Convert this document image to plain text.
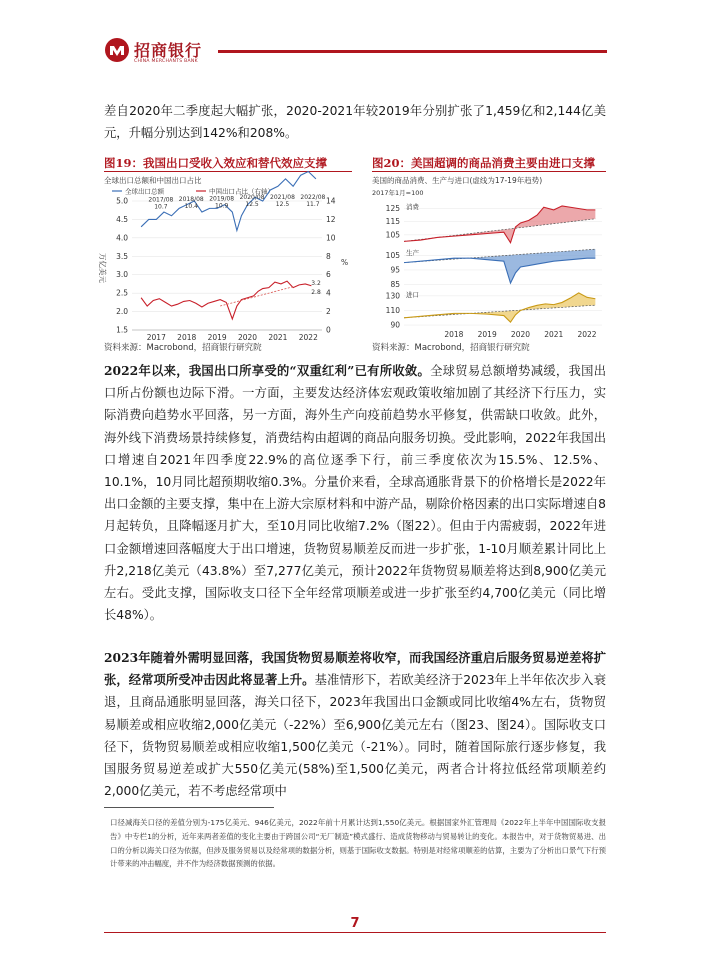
招商银行
CHINA MERCHANTS BANK
差自2020年二季度起大幅扩张，2020-2021年较2019年分别扩张了1,459亿和2,144亿美元，升幅分别达到142%和208%。
图19：我国出口受收入效应和替代效应支撑
全球出口总额和中国出口占比
全球出口总额	中国出口占比（右轴）
万亿美元	%
1.5
2.0
2.5
3.0
3.5
4.0
4.5
5.0
0
2
4
6
8
10
12
14
2017 2018 2019 2020 2021 2022
2017/08
10.7
2018/08
10.4
2019/08
10.9
2020/08
12.5
2021/08
12.5
2022/08
11.7
3.2
2.8
资料来源：Macrobond，招商银行研究院
图20：美国超调的商品消费主要由进口支撑
美国的商品消费、生产与进口(虚线为17-19年趋势)
2017年1月=100
105
115
125 消费
85
95
105 生产
90
110
130 进口
2018 2019 2020 2021 2022
资料来源：Macrobond，招商银行研究院
2022年以来，我国出口所享受的“双重红利”已有所收敛。全球贸易总额增势减缓，我国出口所占份额也边际下滑。一方面，主要发达经济体宏观政策收缩加剧了其经济下行压力，实际消费向趋势水平回落，另一方面，海外生产向疫前趋势水平修复，供需缺口收敛。此外，海外线下消费场景持续修复，消费结构由超调的商品向服务切换。受此影响，2022年我国出口增速自2021年四季度22.9%的高位逐季下行，前三季度依次为15.5%、12.5%、10.1%，10月同比超预期收缩0.3%。分量价来看，全球高通胀背景下的价格增长是2022年出口金额的主要支撑，集中在上游大宗原材料和中游产品，剔除价格因素的出口实际增速自8月起转负，且降幅逐月扩大，至10月同比收缩7.2%（图22）。但由于内需疲弱，2022年进口金额增速回落幅度大于出口增速，货物贸易顺差反而进一步扩张，1-10月顺差累计同比上升2,218亿美元（43.8%）至7,277亿美元，预计2022年货物贸易顺差将达到8,900亿美元左右。受此支撑，国际收支口径下全年经常项顺差或进一步扩张至约4,700亿美元（同比增长48%）。
2023年随着外需明显回落，我国货物贸易顺差将收窄，而我国经济重启后服务贸易逆差将扩张，经常项所受冲击因此将显著上升。基准情形下，若欧美经济于2023年上半年依次步入衰退，且商品通胀明显回落，海关口径下，2023年我国出口金额或同比收缩4%左右，货物贸易顺差或相应收缩2,000亿美元（-22%）至6,900亿美元左右（图23、图24）。国际收支口径下，货物贸易顺差或相应收缩1,500亿美元（-21%）。同时，随着国际旅行逐步修复，我国服务贸易逆差或扩大550亿美元(58%)至1,500亿美元，两者合计将拉低经常项顺差约2,000亿美元，若不考虑经常项中
口径减海关口径的差值分别为-175亿美元、946亿美元，2022年前十月累计达到1,550亿美元。根据国家外汇管理局《2022年上半年中国国际收支报告》中专栏1的分析，近年来两者差值的变化主要由于跨国公司“无厂制造”模式盛行、造成货物移动与贸易转让的变化。本报告中，对于货物贸易进、出口的分析以海关口径为依据，但涉及服务贸易以及经常项的数据分析，则基于国际收支数据。特别是对经常项顺差的估算，主要为了分析出口景气下行预计带来的冲击幅度，并不作为经济数据预测的依据。
7
